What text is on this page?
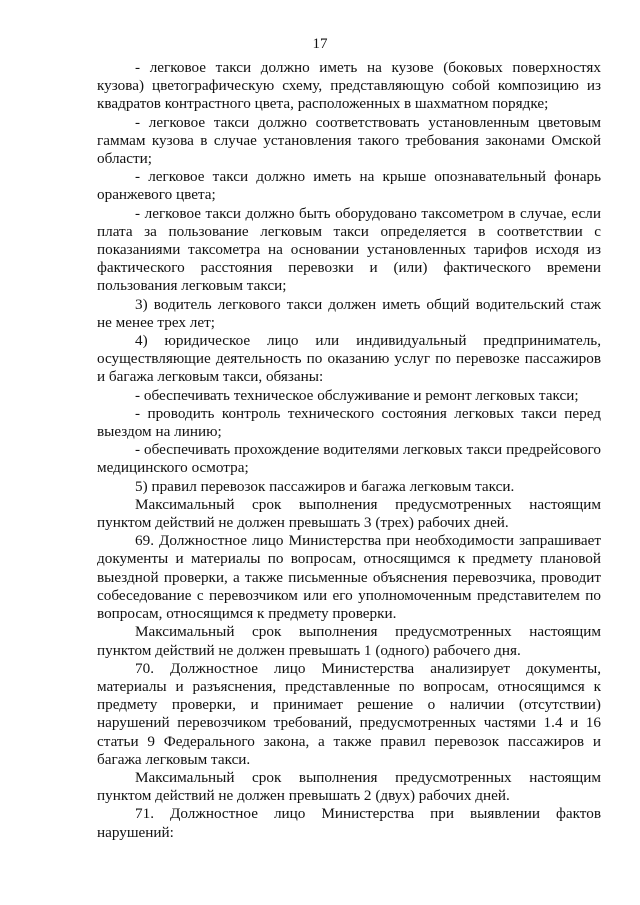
17

- легковое такси должно иметь на кузове (боковых поверхностях кузова) цветографическую схему, представляющую собой композицию из квадратов контрастного цвета, расположенных в шахматном порядке;

- легковое такси должно соответствовать установленным цветовым гаммам кузова в случае установления такого требования законами Омской области;

- легковое такси должно иметь на крыше опознавательный фонарь оранжевого цвета;

- легковое такси должно быть оборудовано таксометром в случае, если плата за пользование легковым такси определяется в соответствии с показаниями таксометра на основании установленных тарифов исходя из фактического расстояния перевозки и (или) фактического времени пользования легковым такси;

3) водитель легкового такси должен иметь общий водительский стаж не менее трех лет;

4) юридическое лицо или индивидуальный предприниматель, осуществляющие деятельность по оказанию услуг по перевозке пассажиров и багажа легковым такси, обязаны:

- обеспечивать техническое обслуживание и ремонт легковых такси;

- проводить контроль технического состояния легковых такси перед выездом на линию;

- обеспечивать прохождение водителями легковых такси предрейсового медицинского осмотра;

5) правил перевозок пассажиров и багажа легковым такси.

Максимальный срок выполнения предусмотренных настоящим пунктом действий не должен превышать 3 (трех) рабочих дней.

69. Должностное лицо Министерства при необходимости запрашивает документы и материалы по вопросам, относящимся к предмету плановой выездной проверки, а также письменные объяснения перевозчика, проводит собеседование с перевозчиком или его уполномоченным представителем по вопросам, относящимся к предмету проверки.

Максимальный срок выполнения предусмотренных настоящим пунктом действий не должен превышать 1 (одного) рабочего дня.

70. Должностное лицо Министерства анализирует документы, материалы и разъяснения, представленные по вопросам, относящимся к предмету проверки, и принимает решение о наличии (отсутствии) нарушений перевозчиком требований, предусмотренных частями 1.4 и 16 статьи 9 Федерального закона, а также правил перевозок пассажиров и багажа легковым такси.

Максимальный срок выполнения предусмотренных настоящим пунктом действий не должен превышать 2 (двух) рабочих дней.

71. Должностное лицо Министерства при выявлении фактов нарушений:
